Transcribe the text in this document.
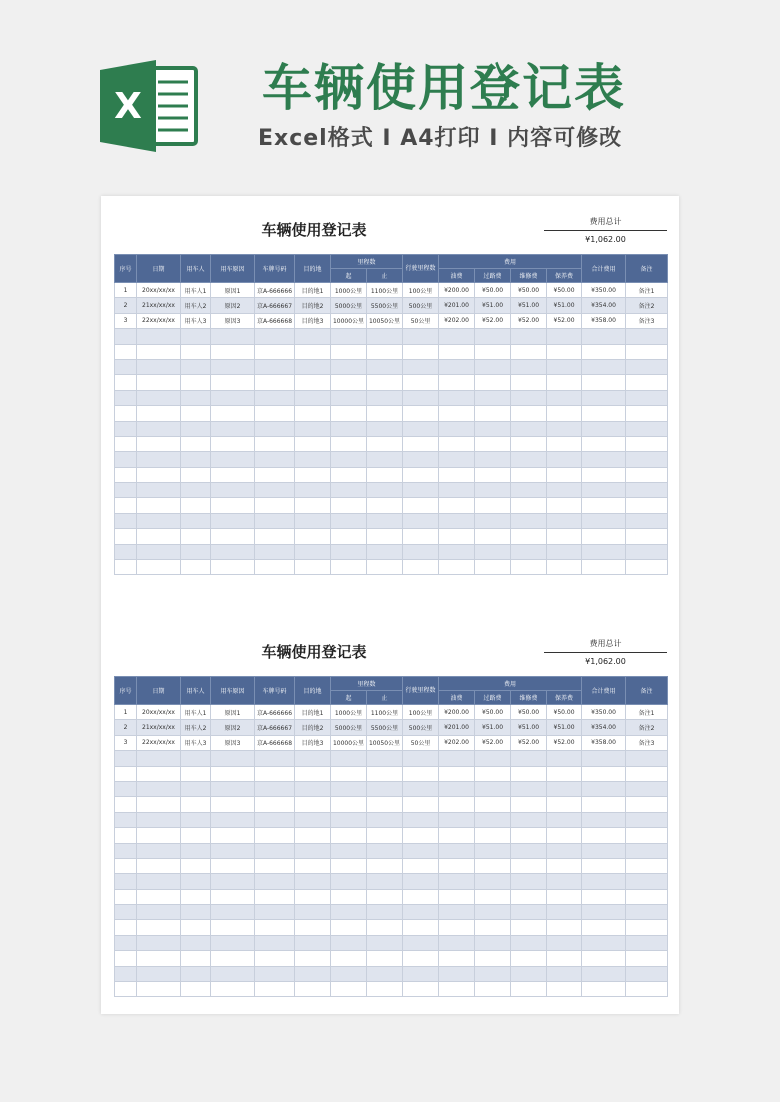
X 车辆使用登记表
Excel格式 I A4打印 I 内容可修改
车辆使用登记表	费用总计
¥1,062.00
序号	日期	用车人	用车原因	车牌号码	目的地	里程数		行驶里程数	费用				合计费用	备注
						起	止		油费	过路费	维修费	保养费		
1	20xx/xx/xx	用车人1	原因1	京A-666666	目的地1	1000公里	1100公里	100公里	¥200.00	¥50.00	¥50.00	¥50.00	¥350.00	备注1
2	21xx/xx/xx	用车人2	原因2	京A-666667	目的地2	5000公里	5500公里	500公里	¥201.00	¥51.00	¥51.00	¥51.00	¥354.00	备注2
3	22xx/xx/xx	用车人3	原因3	京A-666668	目的地3	10000公里	10050公里	50公里	¥202.00	¥52.00	¥52.00	¥52.00	¥358.00	备注3

车辆使用登记表	费用总计
¥1,062.00
序号	日期	用车人	用车原因	车牌号码	目的地	里程数		行驶里程数	费用				合计费用	备注
						起	止		油费	过路费	维修费	保养费		
1	20xx/xx/xx	用车人1	原因1	京A-666666	目的地1	1000公里	1100公里	100公里	¥200.00	¥50.00	¥50.00	¥50.00	¥350.00	备注1
2	21xx/xx/xx	用车人2	原因2	京A-666667	目的地2	5000公里	5500公里	500公里	¥201.00	¥51.00	¥51.00	¥51.00	¥354.00	备注2
3	22xx/xx/xx	用车人3	原因3	京A-666668	目的地3	10000公里	10050公里	50公里	¥202.00	¥52.00	¥52.00	¥52.00	¥358.00	备注3
